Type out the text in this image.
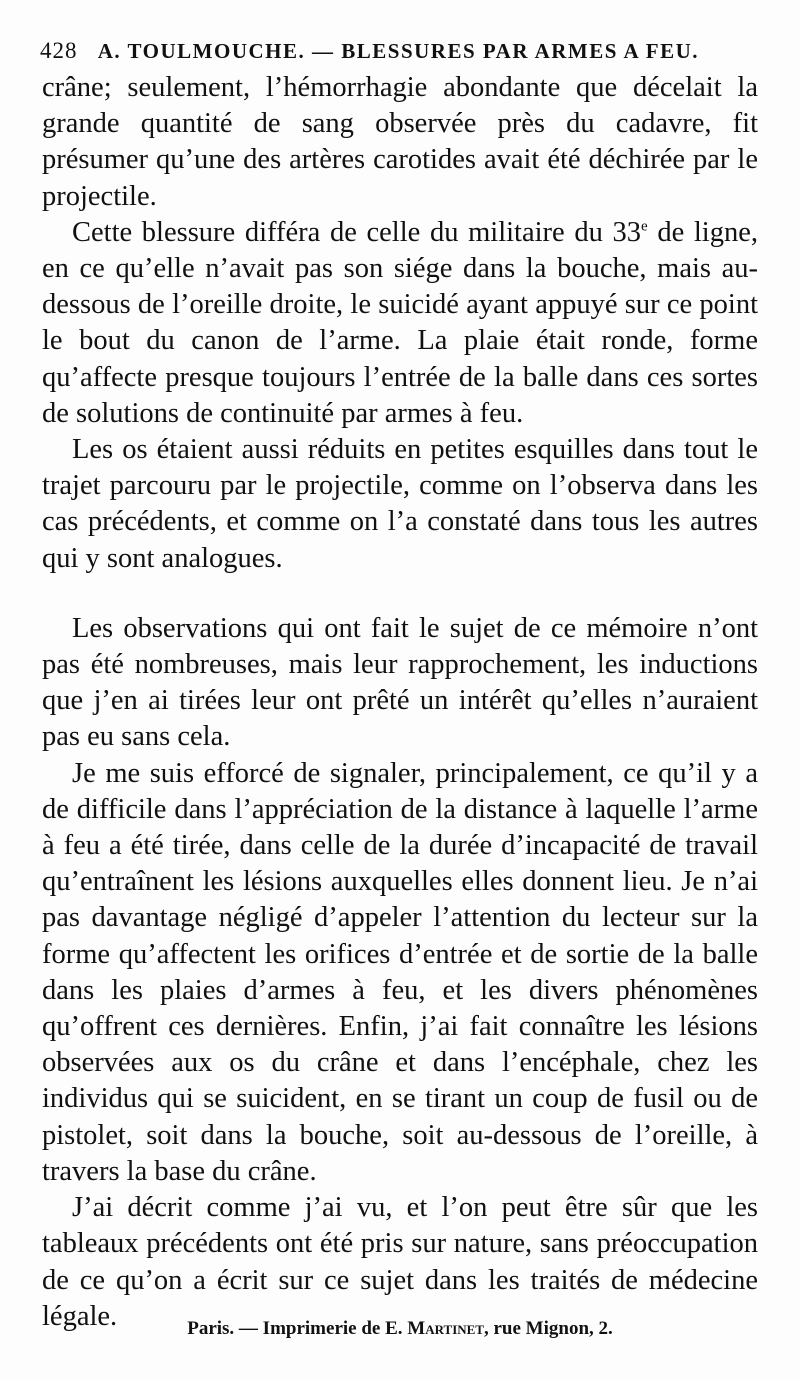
428 A. TOULMOUCHE. — BLESSURES PAR ARMES A FEU.

crâne; seulement, l’hémorrhagie abondante que décelait la grande quantité de sang observée près du cadavre, fit présumer qu’une des artères carotides avait été déchirée par le projectile.

Cette blessure différa de celle du militaire du 33e de ligne, en ce qu’elle n’avait pas son siége dans la bouche, mais au-dessous de l’oreille droite, le suicidé ayant appuyé sur ce point le bout du canon de l’arme. La plaie était ronde, forme qu’affecte presque toujours l’entrée de la balle dans ces sortes de solutions de continuité par armes à feu.

Les os étaient aussi réduits en petites esquilles dans tout le trajet parcouru par le projectile, comme on l’observa dans les cas précédents, et comme on l’a constaté dans tous les autres qui y sont analogues.

Les observations qui ont fait le sujet de ce mémoire n’ont pas été nombreuses, mais leur rapprochement, les inductions que j’en ai tirées leur ont prêté un intérêt qu’elles n’auraient pas eu sans cela.

Je me suis efforcé de signaler, principalement, ce qu’il y a de difficile dans l’appréciation de la distance à laquelle l’arme à feu a été tirée, dans celle de la durée d’incapacité de travail qu’entraînent les lésions auxquelles elles donnent lieu. Je n’ai pas davantage négligé d’appeler l’attention du lecteur sur la forme qu’affectent les orifices d’entrée et de sortie de la balle dans les plaies d’armes à feu, et les divers phénomènes qu’offrent ces dernières. Enfin, j’ai fait connaître les lésions observées aux os du crâne et dans l’encéphale, chez les individus qui se suicident, en se tirant un coup de fusil ou de pistolet, soit dans la bouche, soit au-dessous de l’oreille, à travers la base du crâne.

J’ai décrit comme j’ai vu, et l’on peut être sûr que les tableaux précédents ont été pris sur nature, sans préoccupation de ce qu’on a écrit sur ce sujet dans les traités de médecine légale.	Paris. — Imprimerie de E. Martinet, rue Mignon, 2.
